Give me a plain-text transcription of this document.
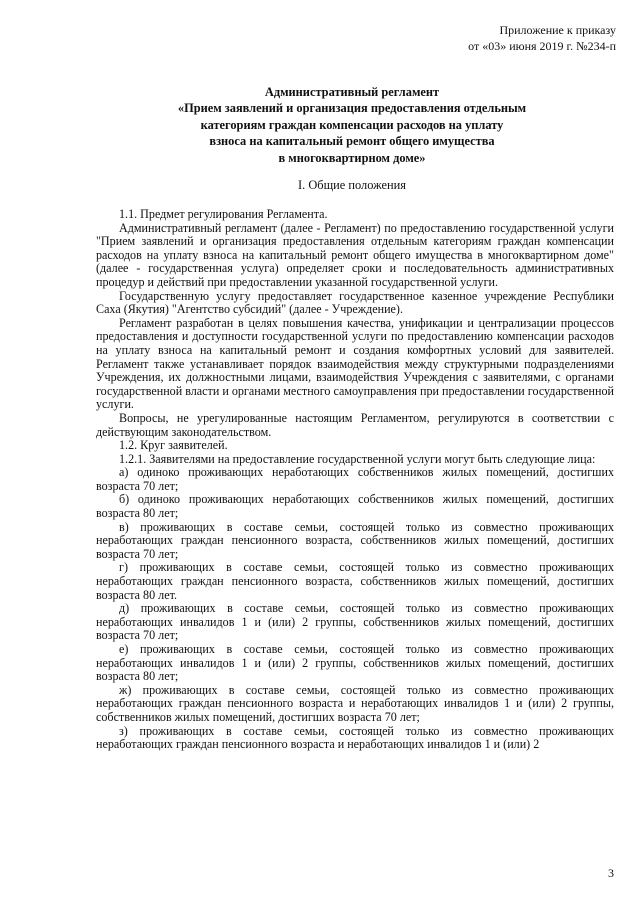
Приложение к приказу
от «03» июня 2019 г. №234-п
Административный регламент
«Прием заявлений и организация предоставления отдельным
категориям граждан компенсации расходов на уплату
взноса на капитальный ремонт общего имущества
в многоквартирном доме»
I. Общие положения

1.1. Предмет регулирования Регламента.

Административный регламент (далее - Регламент) по предоставлению государственной услуги "Прием заявлений и организация предоставления отдельным категориям граждан компенсации расходов на уплату взноса на капитальный ремонт общего имущества в многоквартирном доме" (далее - государственная услуга) определяет сроки и последовательность административных процедур и действий при предоставлении указанной государственной услуги.

Государственную услугу предоставляет государственное казенное учреждение Республики Саха (Якутия) "Агентство субсидий" (далее - Учреждение).

Регламент разработан в целях повышения качества, унификации и централизации процессов предоставления и доступности государственной услуги по предоставлению компенсации расходов на уплату взноса на капитальный ремонт и создания комфортных условий для заявителей. Регламент также устанавливает порядок взаимодействия между структурными подразделениями Учреждения, их должностными лицами, взаимодействия Учреждения с заявителями, с органами государственной власти и органами местного самоуправления при предоставлении государственной услуги.

Вопросы, не урегулированные настоящим Регламентом, регулируются в соответствии с действующим законодательством.

1.2. Круг заявителей.

1.2.1. Заявителями на предоставление государственной услуги могут быть следующие лица:

а) одиноко проживающих неработающих собственников жилых помещений, достигших возраста 70 лет;

б) одиноко проживающих неработающих собственников жилых помещений, достигших возраста 80 лет;

в) проживающих в составе семьи, состоящей только из совместно проживающих неработающих граждан пенсионного возраста, собственников жилых помещений, достигших возраста 70 лет;

г) проживающих в составе семьи, состоящей только из совместно проживающих неработающих граждан пенсионного возраста, собственников жилых помещений, достигших возраста 80 лет.

д) проживающих в составе семьи, состоящей только из совместно проживающих неработающих инвалидов 1 и (или) 2 группы, собственников жилых помещений, достигших возраста 70 лет;

е) проживающих в составе семьи, состоящей только из совместно проживающих неработающих инвалидов 1 и (или) 2 группы, собственников жилых помещений, достигших возраста 80 лет;

ж) проживающих в составе семьи, состоящей только из совместно проживающих неработающих граждан пенсионного возраста и неработающих инвалидов 1 и (или) 2 группы, собственников жилых помещений, достигших возраста 70 лет;

з) проживающих в составе семьи, состоящей только из совместно проживающих неработающих граждан пенсионного возраста и неработающих инвалидов 1 и (или) 2

3
